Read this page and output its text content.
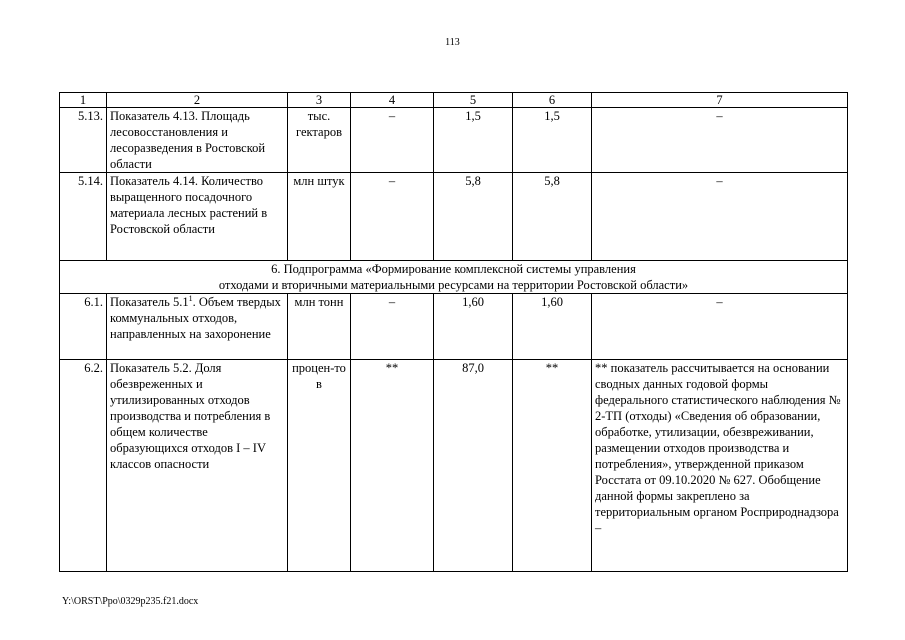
113
1	2	3	4	5	6	7
5.13.	Показатель 4.13. Площадь лесовосстановления и лесоразведения в Ростовской области	тыс. гектаров	–	1,5	1,5	–
5.14.	Показатель 4.14. Количество выращенного посадочного материала лесных растений в Ростовской области	млн штук	–	5,8	5,8	–

6. Подпрограмма «Формирование комплексной системы управления
отходами и вторичными материальными ресурсами на территории Ростовской области»						

6.1.	Показатель $5.1^1$. Объем твердых коммунальных отходов, направленных на захоронение	млн тонн	–	1,60	1,60	–
6.2.	Показатель 5.2. Доля обезвреженных и утилизированных отходов производства и потребления в общем количестве образующихся отходов I – IV классов опасности	процен-тов	**	87,0	**	** показатель рассчитывается на основании сводных данных годовой формы федерального статистического наблюдения № 2-ТП (отходы) «Сведения об образовании, обработке, утилизации, обезвреживании, размещении отходов производства и потребления», утвержденной приказом Росстата от 09.10.2020 № 627. Обобщение данной формы закреплено за территориальным органом Росприроднадзора –
Y:\ORST\Ppo\0329p235.f21.docx
